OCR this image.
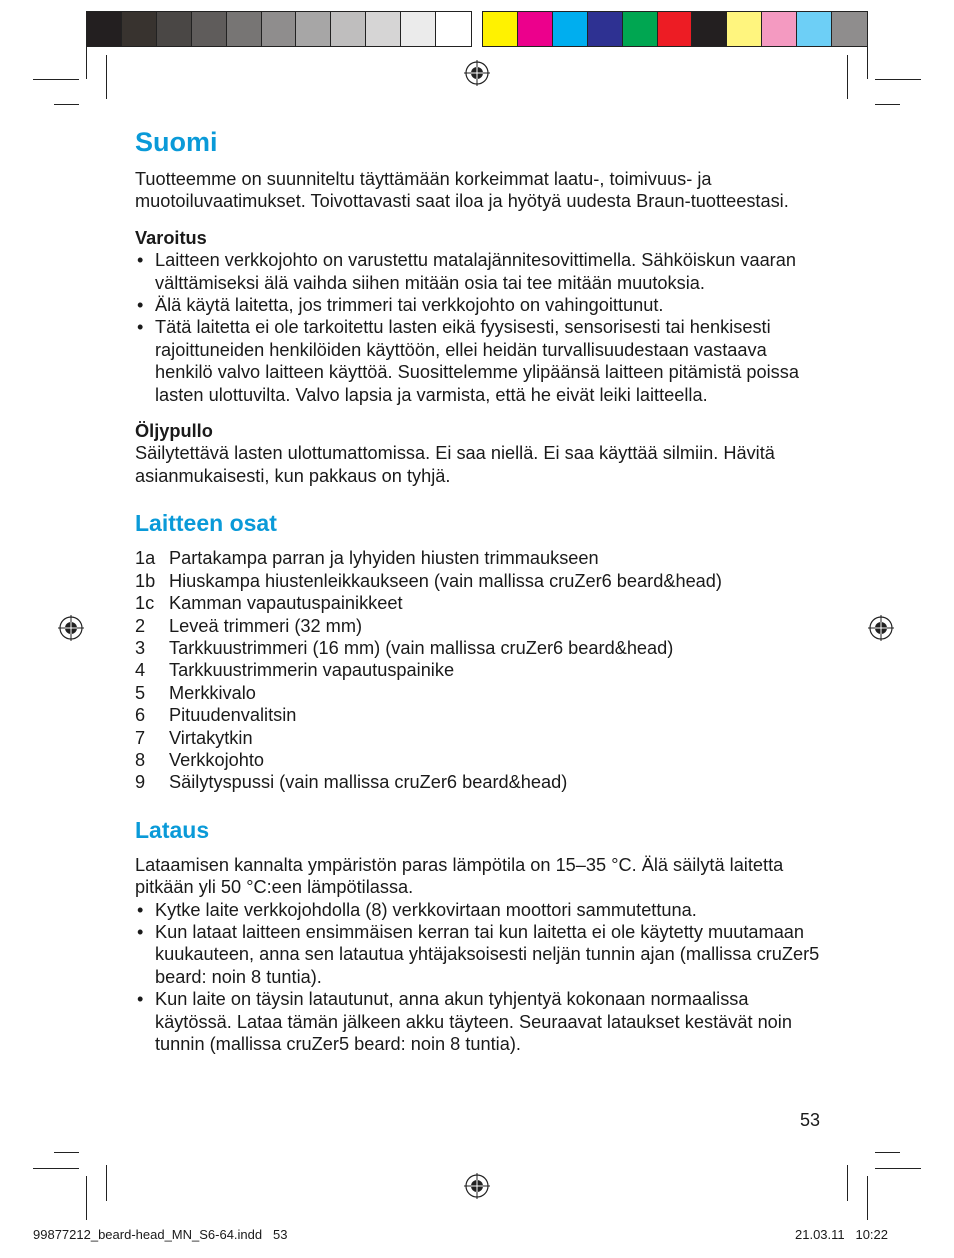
Suomi

Tuotteemme on suunniteltu täyttämään korkeimmat laatu-, toimivuus- ja muotoiluvaatimukset. Toivottavasti saat iloa ja hyötyä uudesta Braun-tuotteestasi.

Varoitus

• Laitteen verkkojohto on varustettu matalajännitesovittimella. Sähköiskun vaaran välttämiseksi älä vaihda siihen mitään osia tai tee mitään muutoksia.
• Älä käytä laitetta, jos trimmeri tai verkkojohto on vahingoittunut.
• Tätä laitetta ei ole tarkoitettu lasten eikä fyysisesti, sensorisesti tai henkisesti rajoittuneiden henkilöiden käyttöön, ellei heidän turvallisuudestaan vastaava henkilö valvo laitteen käyttöä. Suosittelemme ylipäänsä laitteen pitämistä poissa lasten ulottuvilta. Valvo lapsia ja varmista, että he eivät leiki laitteella.

Öljypullo

Säilytettävä lasten ulottumattomissa. Ei saa niellä. Ei saa käyttää silmiin. Hävitä asianmukaisesti, kun pakkaus on tyhjä.

Laitteen osat
1a Partakampa parran ja lyhyiden hiusten trimmaukseen
1b Hiuskampa hiustenleikkaukseen (vain mallissa cruZer6 beard&head)
1c Kamman vapautuspainikkeet
2	Leveä trimmeri (32 mm)
3	Tarkkuustrimmeri (16 mm) (vain mallissa cruZer6 beard&head)
4	Tarkkuustrimmerin vapautuspainike
5	Merkkivalo
6	Pituudenvalitsin
7	Virtakytkin
8	Verkkojohto
9	Säilytyspussi (vain mallissa cruZer6 beard&head)
Lataus

Lataamisen kannalta ympäristön paras lämpötila on 15–35 °C. Älä säilytä laitetta pitkään yli 50 °C:een lämpötilassa.

• Kytke laite verkkojohdolla (8) verkkovirtaan moottori sammutettuna.
• Kun lataat laitteen ensimmäisen kerran tai kun laitetta ei ole käytetty muutamaan kuukauteen, anna sen latautua yhtäjaksoisesti neljän tunnin ajan (mallissa cruZer5 beard: noin 8 tuntia).
• Kun laite on täysin latautunut, anna akun tyhjentyä kokonaan normaalissa käytössä. Lataa tämän jälkeen akku täyteen. Seuraavat lataukset kestävät noin tunnin (mallissa cruZer5 beard: noin 8 tuntia).
53
99877212_beard-head_MN_S6-64.indd   53	21.03.11   10:22
